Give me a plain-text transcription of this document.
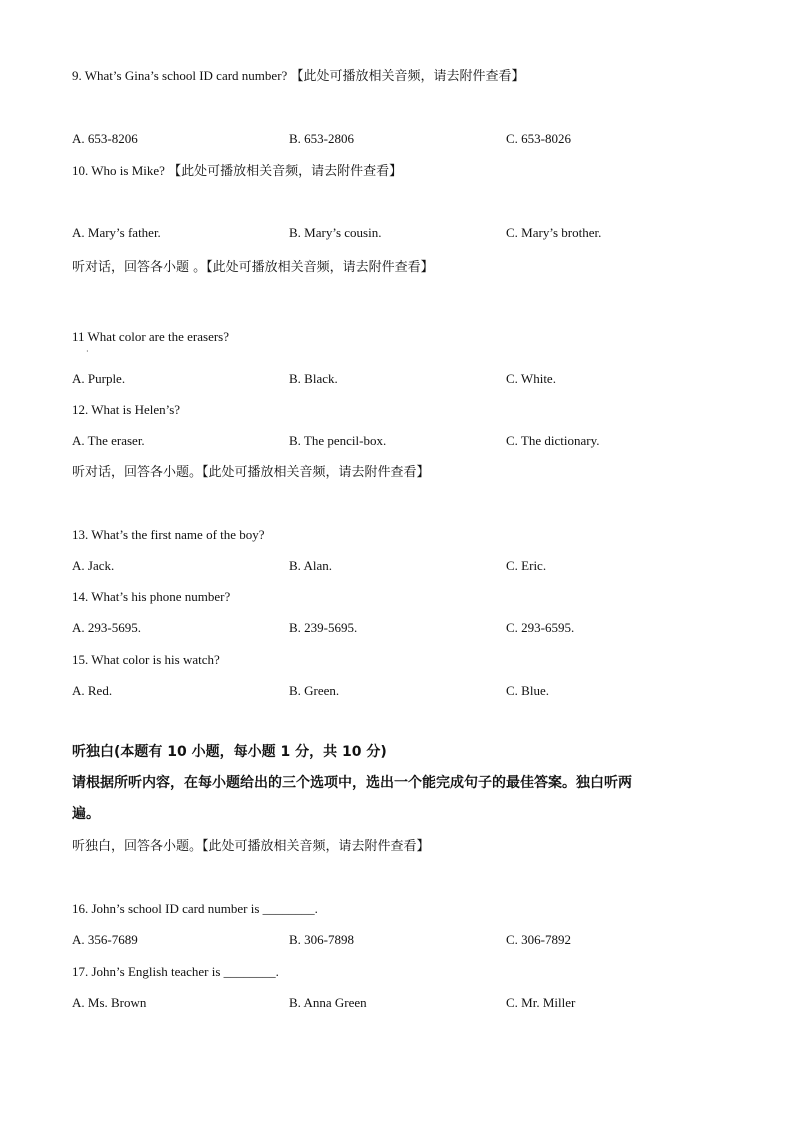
9. What’s Gina’s school ID card number? 【此处可播放相关音频，请去附件查看】
A. 653-8206	B. 653-2806	C. 653-8026
10. Who is Mike? 【此处可播放相关音频，请去附件查看】
A. Mary’s father.	B. Mary’s cousin.	C. Mary’s brother.
听对话，回答各小题 。【此处可播放相关音频，请去附件查看】
11 What color are the erasers?
·
A. Purple.	B. Black.	C. White.
12. What is Helen’s?
A. The eraser.	B. The pencil-box.	C. The dictionary.
听对话，回答各小题。【此处可播放相关音频，请去附件查看】
13. What’s the first name of the boy?
A. Jack.	B. Alan.	C. Eric.
14. What’s his phone number?
A. 293-5695.	B. 239-5695.	C. 293-6595.
15. What color is his watch?
A. Red.	B. Green.	C. Blue.
听独白(本题有 10 小题，每小题 1 分，共 10 分)
请根据所听内容，在每小题给出的三个选项中，选出一个能完成句子的最佳答案。独白听两
遍。
听独白，回答各小题。【此处可播放相关音频，请去附件查看】
16. John’s school ID card number is ________.
A. 356-7689	B. 306-7898	C. 306-7892
17. John’s English teacher is ________.
A. Ms. Brown	B. Anna Green	C. Mr. Miller
